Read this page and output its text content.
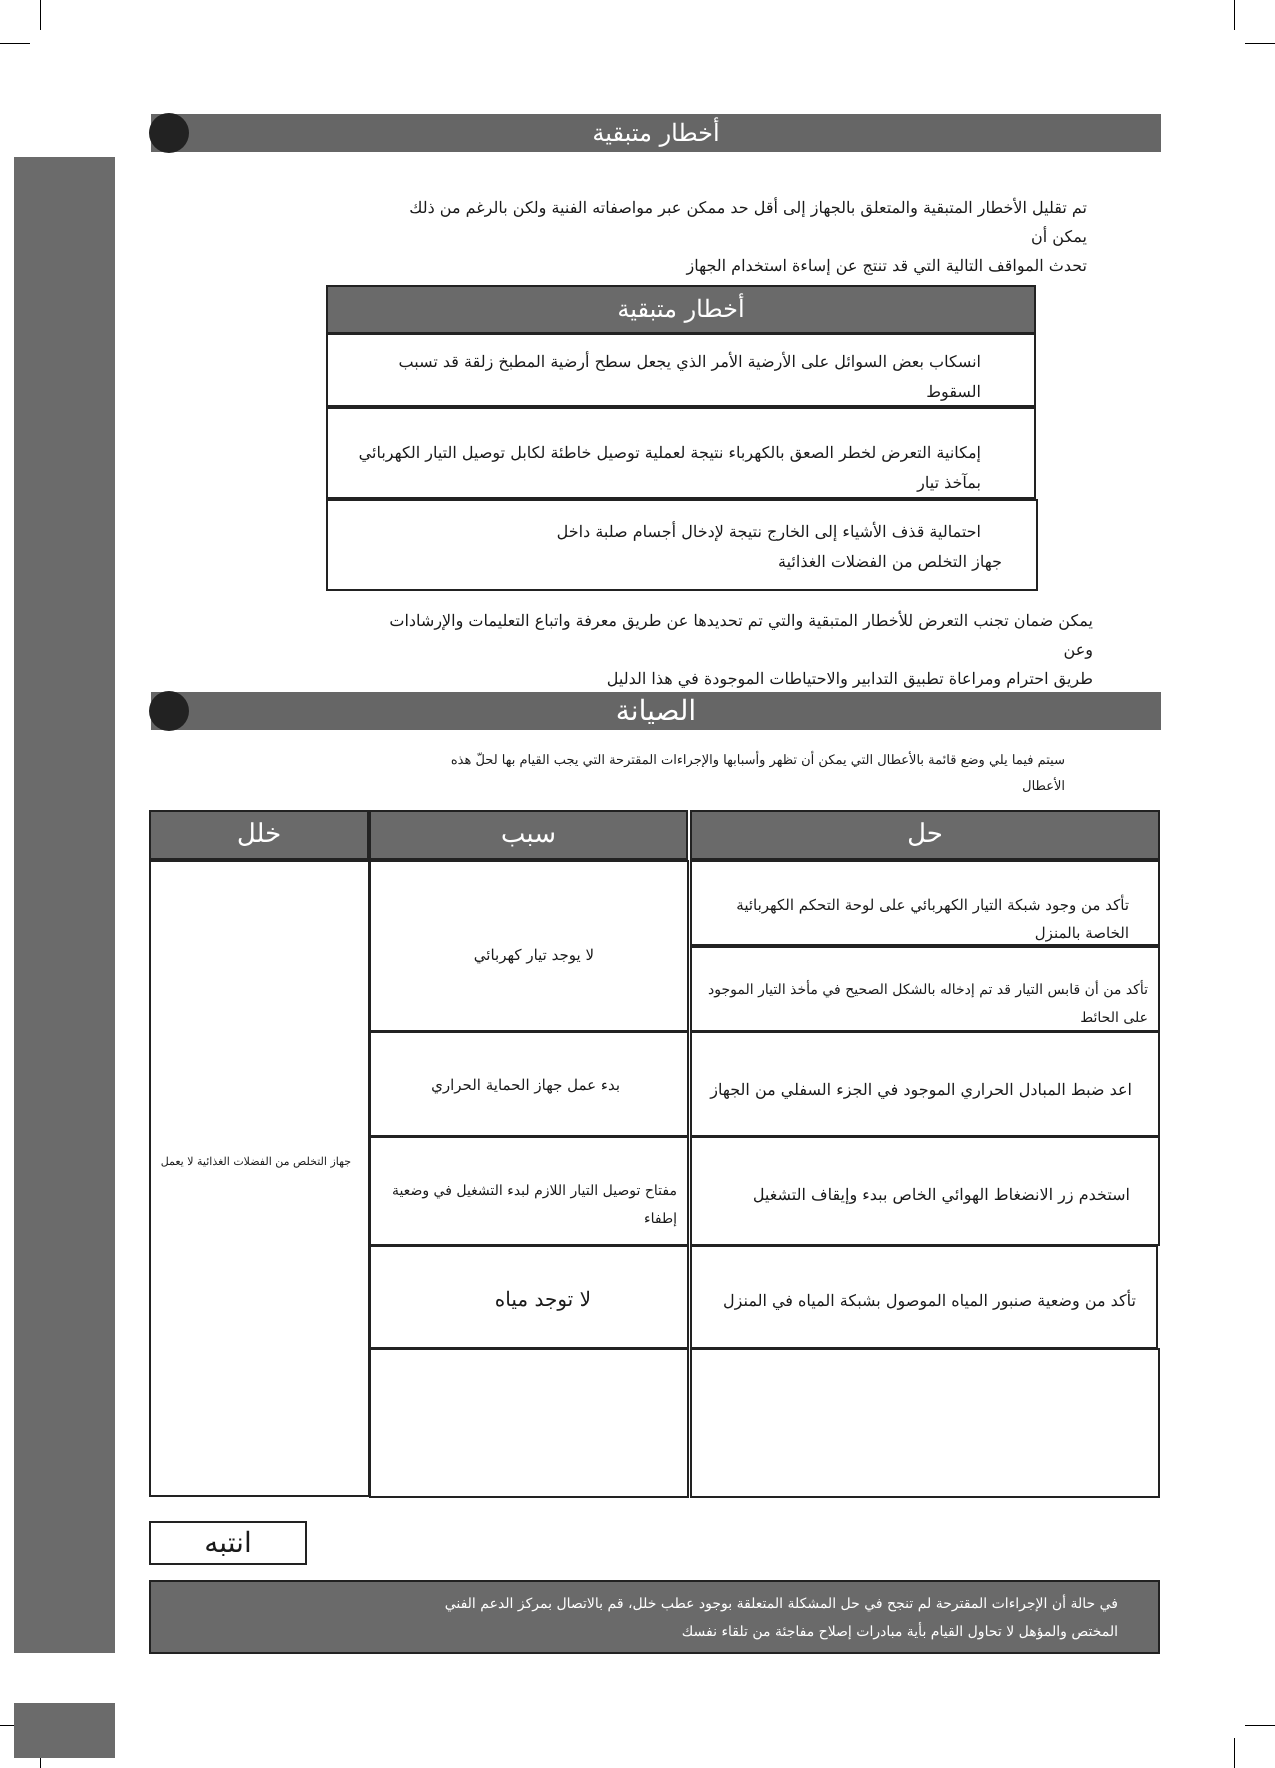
أخطار متبقية
تم تقليل الأخطار المتبقية والمتعلق بالجهاز إلى أقل حد ممكن عبر مواصفاته الفنية ولكن بالرغم من ذلك يمكن أن
تحدث المواقف التالية التي قد تنتج عن إساءة استخدام الجهاز
أخطار متبقية
انسكاب بعض السوائل على الأرضية الأمر الذي يجعل سطح أرضية المطبخ زلقة قد تسبب السقوط
إمكانية التعرض لخطر الصعق بالكهرباء نتيجة لعملية توصيل خاطئة لكابل توصيل التيار الكهربائي بمآخذ تيار
احتمالية قذف الأشياء إلى الخارج نتيجة لإدخال أجسام صلبة داخل
جهاز التخلص من الفضلات الغذائية
يمكن ضمان تجنب التعرض للأخطار المتبقية والتي تم تحديدها عن طريق معرفة واتباع التعليمات والإرشادات وعن
طريق احترام ومراعاة تطبيق التدابير والاحتياطات الموجودة في هذا الدليل
الصيانة
سيتم فيما يلي وضع قائمة بالأعطال التي يمكن أن تظهر وأسبابها والإجراءات المقترحة التي يجب القيام بها لحلّ هذه
الأعطال
خلل	سبب	حل
جهاز التخلص من الفضلات الغذائية لا يعمل
لا يوجد تيار كهربائي
بدء عمل جهاز الحماية الحراري
مفتاح توصيل التيار اللازم لبدء التشغيل في وضعية إطفاء
لا توجد مياه
تأكد من وجود شبكة التيار الكهربائي على لوحة التحكم الكهربائية الخاصة بالمنزل
تأكد من أن قابس التيار قد تم إدخاله بالشكل الصحيح في مأخذ التيار الموجود على الحائط
اعد ضبط المبادل الحراري الموجود في الجزء السفلي من الجهاز
استخدم زر الانضغاط الهوائي الخاص ببدء وإيقاف التشغيل
تأكد من وضعية صنبور المياه الموصول بشبكة المياه في المنزل
انتبه
في حالة أن الإجراءات المقترحة لم تنجح في حل المشكلة المتعلقة بوجود عطب خلل، قم بالاتصال بمركز الدعم الفني
المختص والمؤهل لا تحاول القيام بأية مبادرات إصلاح مفاجئة من تلقاء نفسك
